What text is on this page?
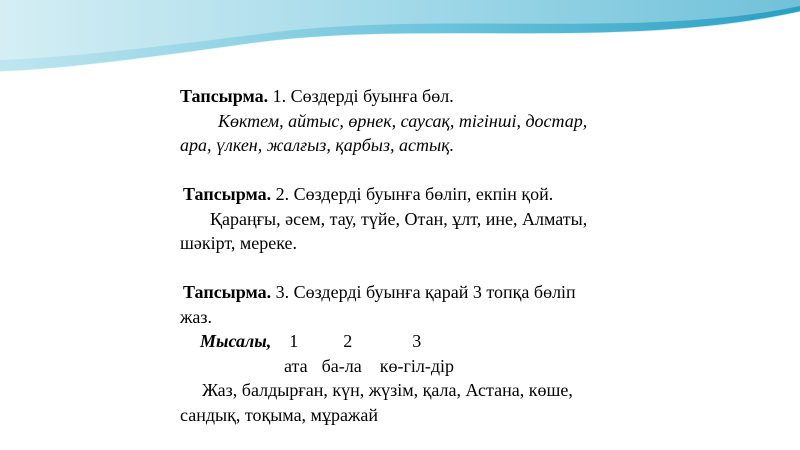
Тапсырма. 1. Сөздерді буынға бөл.
Көктем, айтыс, өрнек, саусақ, тігінші, достар,
ара, үлкен, жалғыз, қарбыз, астық.
Тапсырма. 2. Сөздерді буынға бөліп, екпін қой.
Қараңғы, әсем, тау, түйе, Отан, ұлт, ине, Алматы,
шәкірт, мереке.
Тапсырма. 3. Сөздерді буынға қарай 3 топқа бөліп
жаз.
Мысалы, 1	2	3
ата ба-ла кө-гіл-дір
Жаз, балдырған, күн, жүзім, қала, Астана, көше,
сандық, тоқыма, мұражай
